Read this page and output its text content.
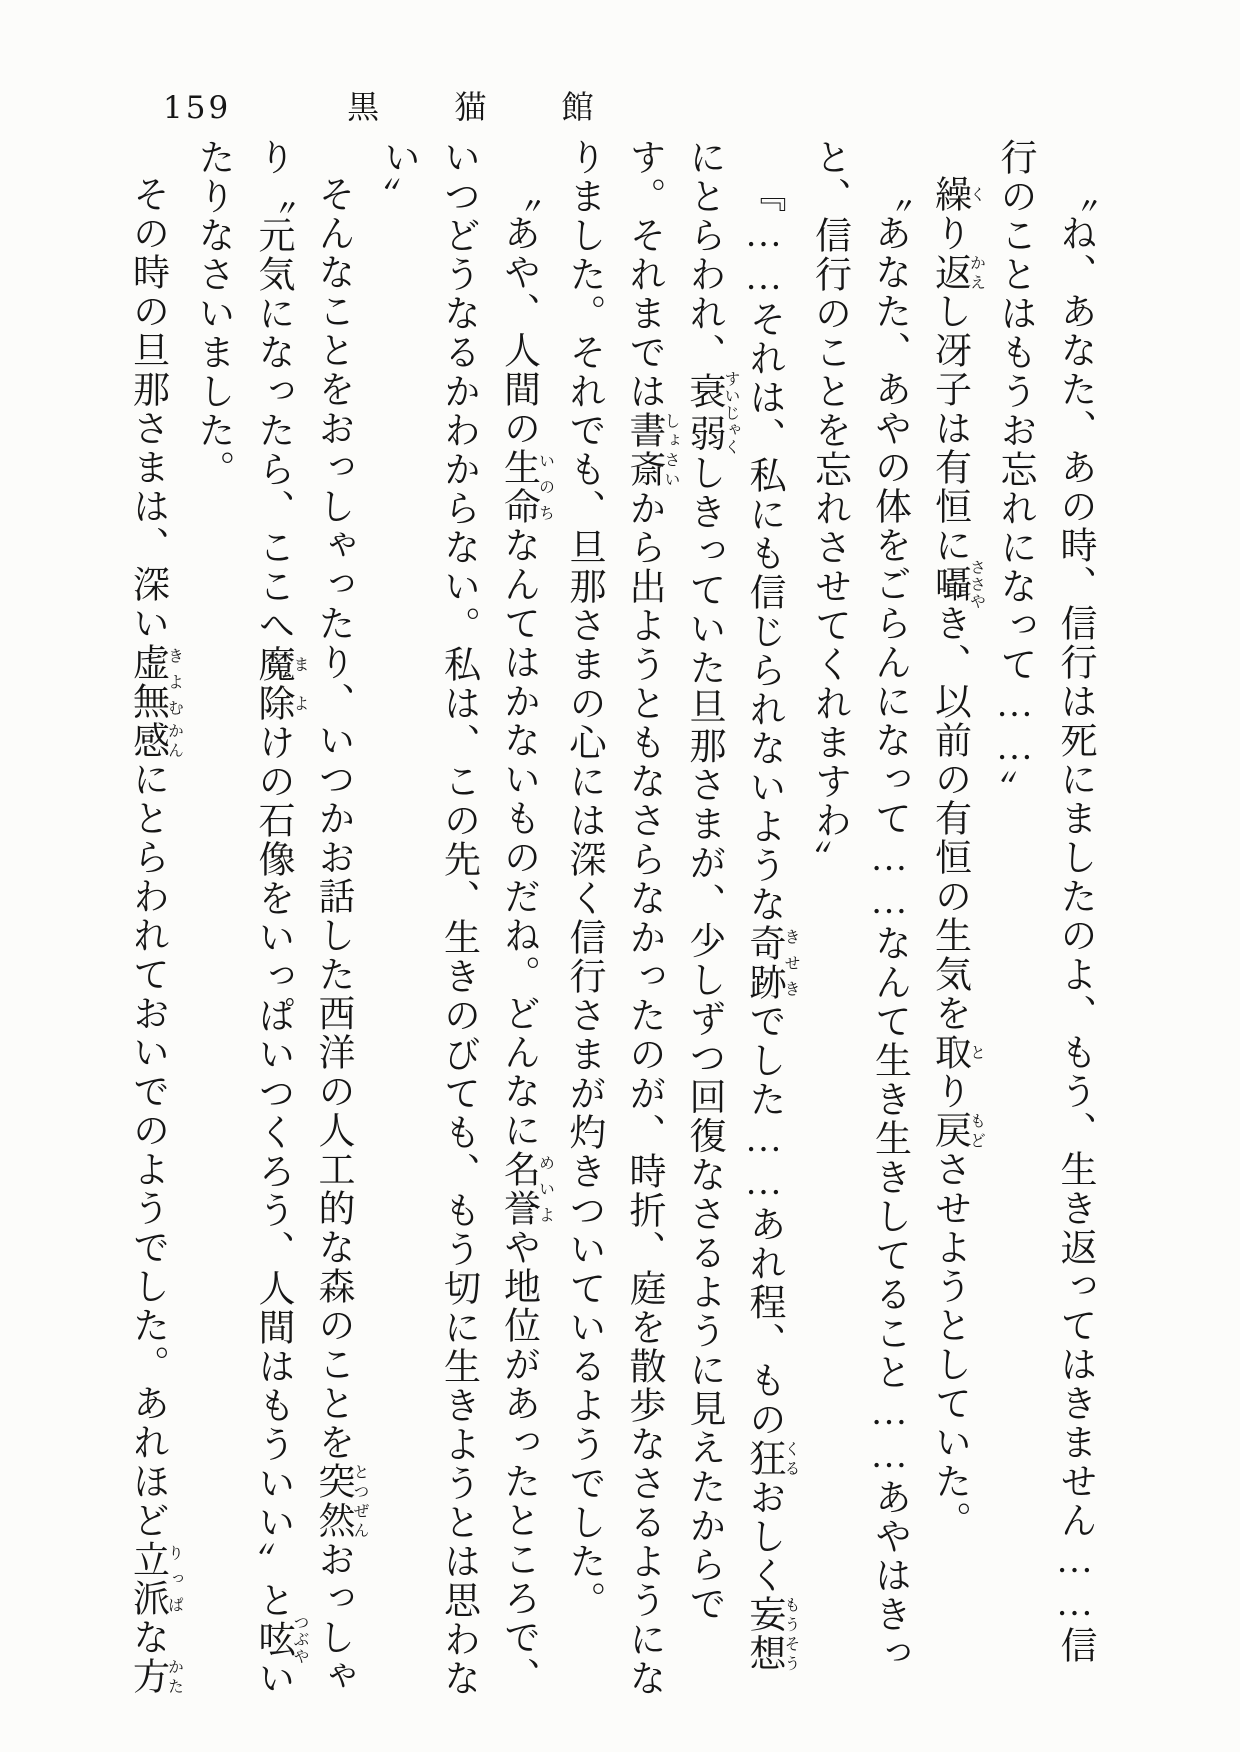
159	黒猫館

〝ね、あなた、あの時、信行は死にましたのよ、もう、生き返ってはきません……信行のことはもうお忘れになって……〟

繰くり返かえし冴子は有恒に囁ささやき、以前の有恒の生気を取とり戻もどさせようとしていた。

〝あなた、あやの体をごらんになって……なんて生き生きしてること……あやはきっと、信行のことを忘れさせてくれますわ〟

『……それは、私にも信じられないような奇跡きせきでした……あれ程、もの狂くるおしく妄想もうそうにとらわれ、衰弱すいじゃくしきっていた旦那さまが、少しずつ回復なさるように見えたからです。それまでは書斎しょさいから出ようともなさらなかったのが、時折、庭を散歩なさるようになりました。それでも、旦那さまの心には深く信行さまが灼きついているようでした。

〝あや、人間の生命いのちなんてはかないものだね。どんなに名誉めいよや地位があったところで、いつどうなるかわからない。私は、この先、生きのびても、もう切に生きようとは思わない〟

そんなことをおっしゃったり、いつかお話した西洋の人工的な森のことを突然とつぜんおっしゃり〝元気になったら、ここへ魔除まよけの石像をいっぱいつくろう、人間はもういい〟と呟つぶやいたりなさいました。

その時の旦那さまは、深い虚無きよむ感かんにとらわれておいでのようでした。あれほど立派りっぱな方かた
